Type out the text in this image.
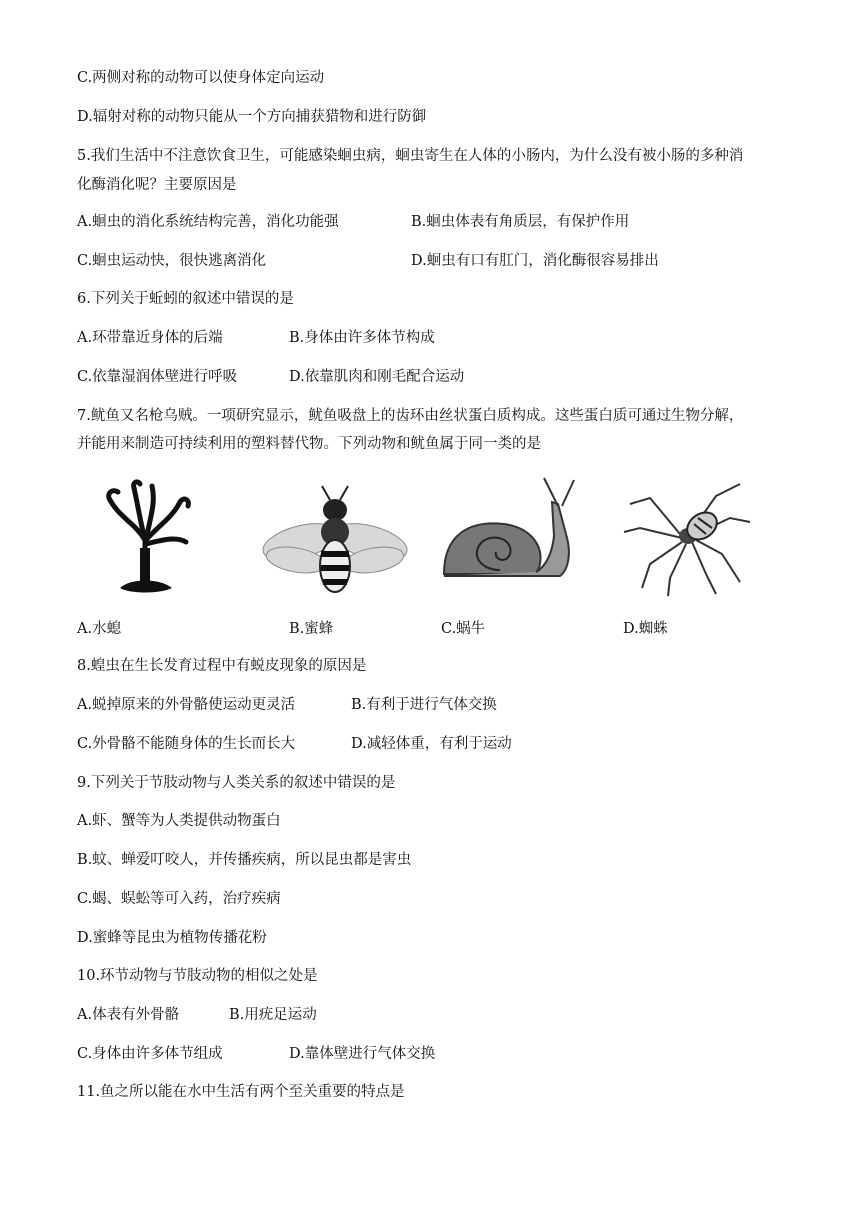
C.两侧对称的动物可以使身体定向运动
D.辐射对称的动物只能从一个方向捕获猎物和进行防御
5.我们生活中不注意饮食卫生，可能感染蛔虫病，蛔虫寄生在人体的小肠内，为什么没有被小肠的多种消
化酶消化呢？主要原因是
A.蛔虫的消化系统结构完善，消化功能强	B.蛔虫体表有角质层，有保护作用
C.蛔虫运动快，很快逃离消化	D.蛔虫有口有肛门，消化酶很容易排出
6.下列关于蚯蚓的叙述中错误的是
A.环带靠近身体的后端	B.身体由许多体节构成
C.依靠湿润体壁进行呼吸	D.依靠肌肉和刚毛配合运动
7.鱿鱼又名枪乌贼。一项研究显示，鱿鱼吸盘上的齿环由丝状蛋白质构成。这些蛋白质可通过生物分解，
并能用来制造可持续利用的塑料替代物。下列动物和鱿鱼属于同一类的是
A.水螅	B.蜜蜂	C.蜗牛	D.蜘蛛
8.蝗虫在生长发育过程中有蜕皮现象的原因是
A.蜕掉原来的外骨骼使运动更灵活	B.有利于进行气体交换
C.外骨骼不能随身体的生长而长大	D.减轻体重，有利于运动
9.下列关于节肢动物与人类关系的叙述中错误的是
A.虾、蟹等为人类提供动物蛋白
B.蚊、蝉爱叮咬人，并传播疾病，所以昆虫都是害虫
C.蝎、蜈蚣等可入药，治疗疾病
D.蜜蜂等昆虫为植物传播花粉
10.环节动物与节肢动物的相似之处是
A.体表有外骨骼	B.用疣足运动
C.身体由许多体节组成	D.靠体壁进行气体交换
11.鱼之所以能在水中生活有两个至关重要的特点是
